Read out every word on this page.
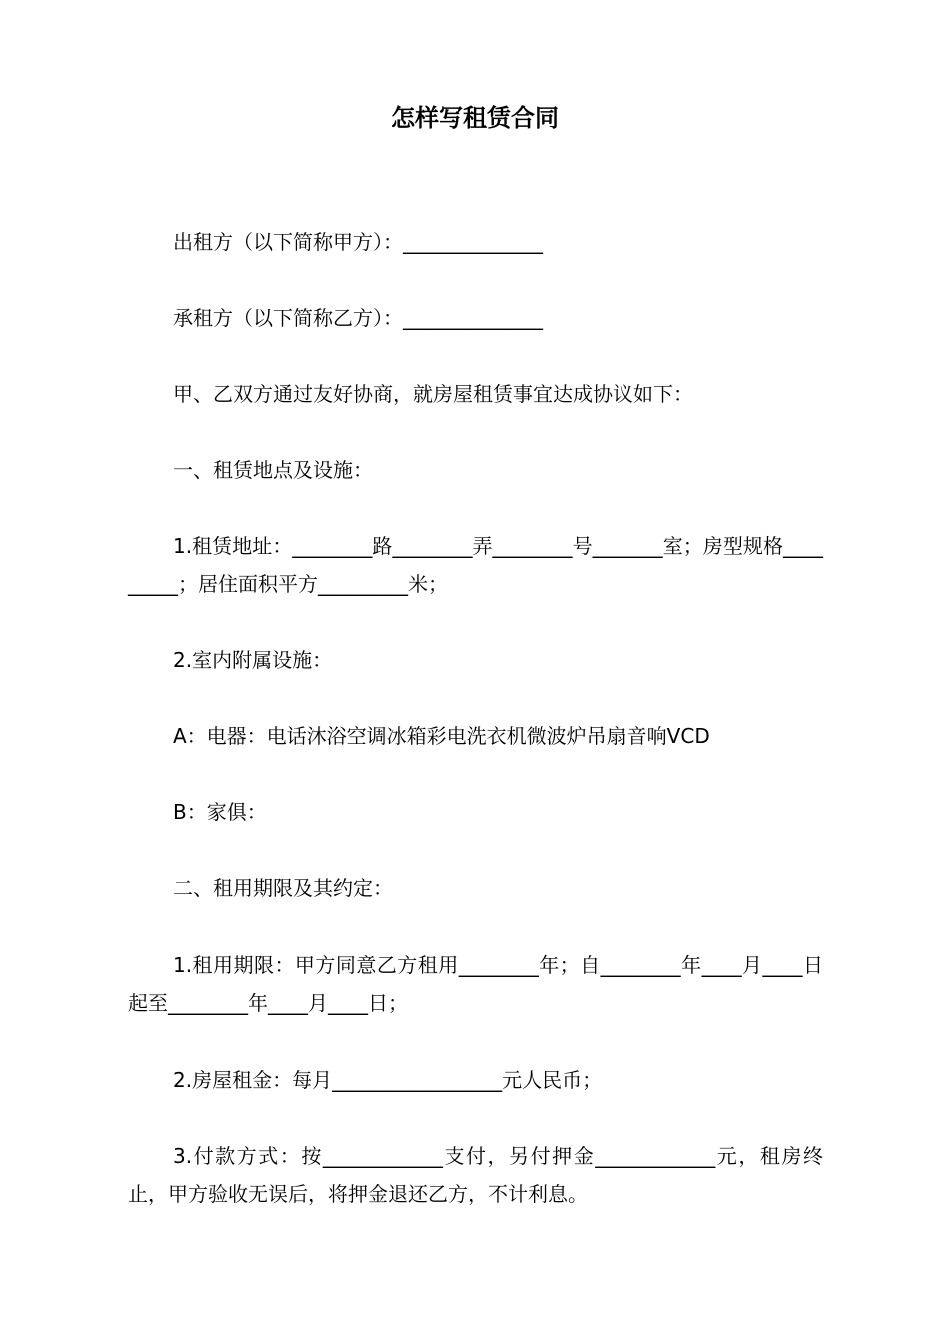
怎样写租赁合同

出租方（以下简称甲方）：______________

承租方（以下简称乙方）：______________

甲、乙双方通过友好协商，就房屋租赁事宜达成协议如下：

一、租赁地点及设施：

1.租赁地址：________路________弄________号_______室；房型规格_________；居住面积平方_________米；

2.室内附属设施：

A：电器：电话沐浴空调冰箱彩电洗衣机微波炉吊扇音响VCD

B：家俱：

二、租用期限及其约定：

1.租用期限：甲方同意乙方租用________年；自________年____月____日起至________年____月____日；

2.房屋租金：每月_________________元人民币；

3.付款方式：按____________支付，另付押金____________元，租房终止，甲方验收无误后，将押金退还乙方，不计利息。
